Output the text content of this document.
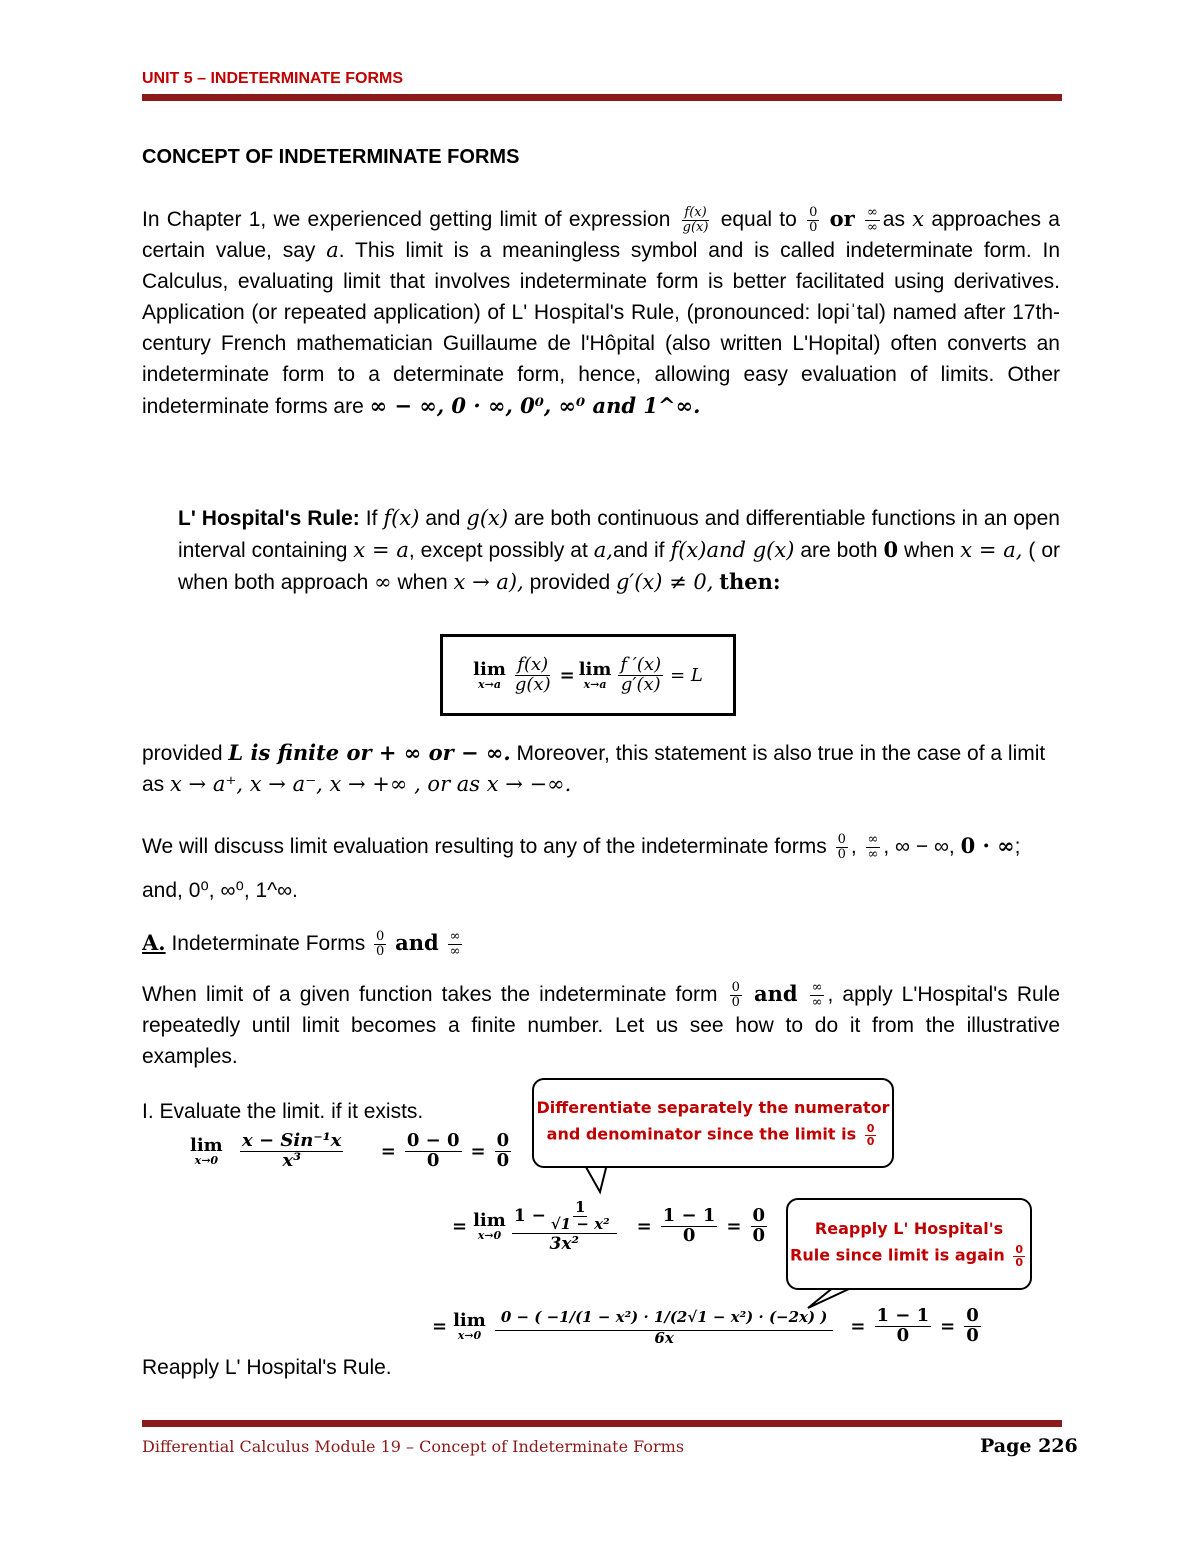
UNIT 5 – INDETERMINATE FORMS
CONCEPT OF INDETERMINATE FORMS

In Chapter 1, we experienced getting limit of expression $\frac{f(x)}{g(x)}$ equal to $\frac{0}{0}$ or $\frac{\infty}{\infty}$ as x approaches a certain value, say a. This limit is a meaningless symbol and is called indeterminate form. In Calculus, evaluating limit that involves indeterminate form is better facilitated using derivatives. Application (or repeated application) of L' Hospital's Rule, (pronounced: lopiˈtal) named after 17th-century French mathematician Guillaume de l'Hôpital (also written L'Hopital) often converts an indeterminate form to a determinate form, hence, allowing easy evaluation of limits. Other indeterminate forms are ∞ − ∞, 0 · ∞, 0⁰, ∞⁰ and 1^∞.

L' Hospital's Rule: If f(x) and g(x) are both continuous and differentiable functions in an open interval containing x = a, except possibly at a,and if f(x)and g(x) are both 0 when x = a, ( or when both approach ∞ when x → a), provided g′(x) ≠ 0, then:

lim
$x\to a \frac{f(x)}{g(x)} = \lim$
$x\to a \frac{f '(x)}{g'(x)} = L$

provided L is finite or + ∞ or − ∞. Moreover, this statement is also true in the case of a limit as x → a⁺, x → a⁻, x → +∞ , or as x → −∞.

We will discuss limit evaluation resulting to any of the indeterminate forms $\frac{0}{0}$ , $\frac{\infty}{\infty}$ , ∞ − ∞, 0 · ∞; and, 0⁰, ∞⁰, 1^∞.

A. Indeterminate Forms $\frac{0}{0}$ and $\frac{\infty}{\infty}$

When limit of a given function takes the indeterminate form $\frac{0}{0}$ and $\frac{\infty}{\infty}$ , apply L'Hospital's Rule repeatedly until limit becomes a finite number. Let us see how to do it from the illustrative examples.

I. Evaluate the limit. if it exists.
lim
$x\to 0 \frac{\text{x − Sin⁻¹x}}{\text{x³}} = \frac{0 - 0}{0} = \frac{0}{0}$
= lim
$x\to 0 \frac{1 - \frac{1}{\text{√1 − x²}}}{\text{3x²}} = \frac{1 - 1}{0} = \frac{0}{0}$
Reapply L' Hospital's Rule.
= lim
$x\to 0 \frac{\text{0 − ( −1/(1 − x²) · 1/(2√1 − x²) · (−2x) )}}{6x} = \frac{1 - 1}{0} = \frac{0}{0}$
Differentiate separately the numerator
and denominator since the limit is $\frac{0}{0}$
Reapply L' Hospital's
Rule since limit is again $\frac{0}{0}$
Differential Calculus Module 19 – Concept of Indeterminate Forms	Page 226
